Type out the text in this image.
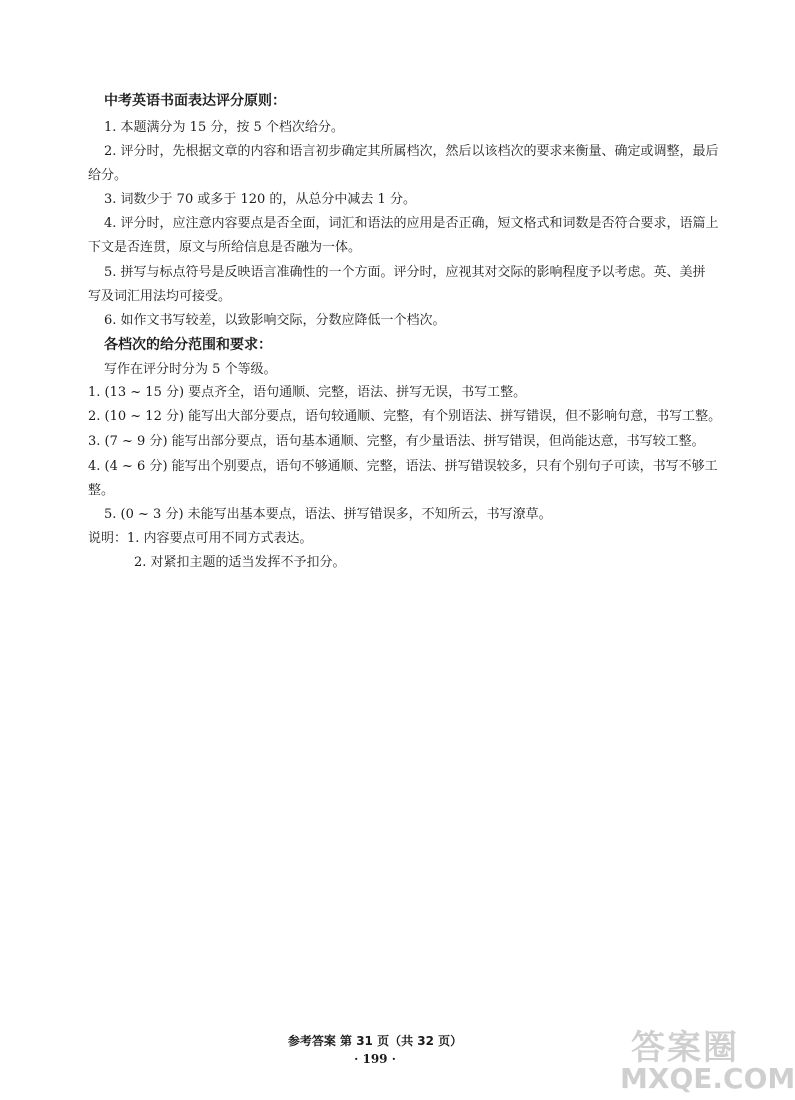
中考英语书面表达评分原则：
1. 本题满分为 15 分，按 5 个档次给分。
2. 评分时，先根据文章的内容和语言初步确定其所属档次，然后以该档次的要求来衡量、确定或调整，最后
给分。
3. 词数少于 70 或多于 120 的，从总分中减去 1 分。
4. 评分时，应注意内容要点是否全面，词汇和语法的应用是否正确，短文格式和词数是否符合要求，语篇上
下文是否连贯，原文与所给信息是否融为一体。
5. 拼写与标点符号是反映语言准确性的一个方面。评分时，应视其对交际的影响程度予以考虑。英、美拼
写及词汇用法均可接受。
6. 如作文书写较差，以致影响交际，分数应降低一个档次。
各档次的给分范围和要求：
写作在评分时分为 5 个等级。
1. (13 ~ 15 分) 要点齐全，语句通顺、完整，语法、拼写无误，书写工整。
2. (10 ~ 12 分) 能写出大部分要点，语句较通顺、完整，有个别语法、拼写错误，但不影响句意，书写工整。
3. (7 ~ 9 分) 能写出部分要点，语句基本通顺、完整，有少量语法、拼写错误，但尚能达意，书写较工整。
4. (4 ~ 6 分) 能写出个别要点，语句不够通顺、完整，语法、拼写错误较多，只有个别句子可读，书写不够工
整。
5. (0 ~ 3 分) 未能写出基本要点，语法、拼写错误多，不知所云，书写潦草。
说明：1. 内容要点可用不同方式表达。
2. 对紧扣主题的适当发挥不予扣分。
参考答案 第 31 页（共 32 页）
· 199 ·	答案圈
MXQE.COM
